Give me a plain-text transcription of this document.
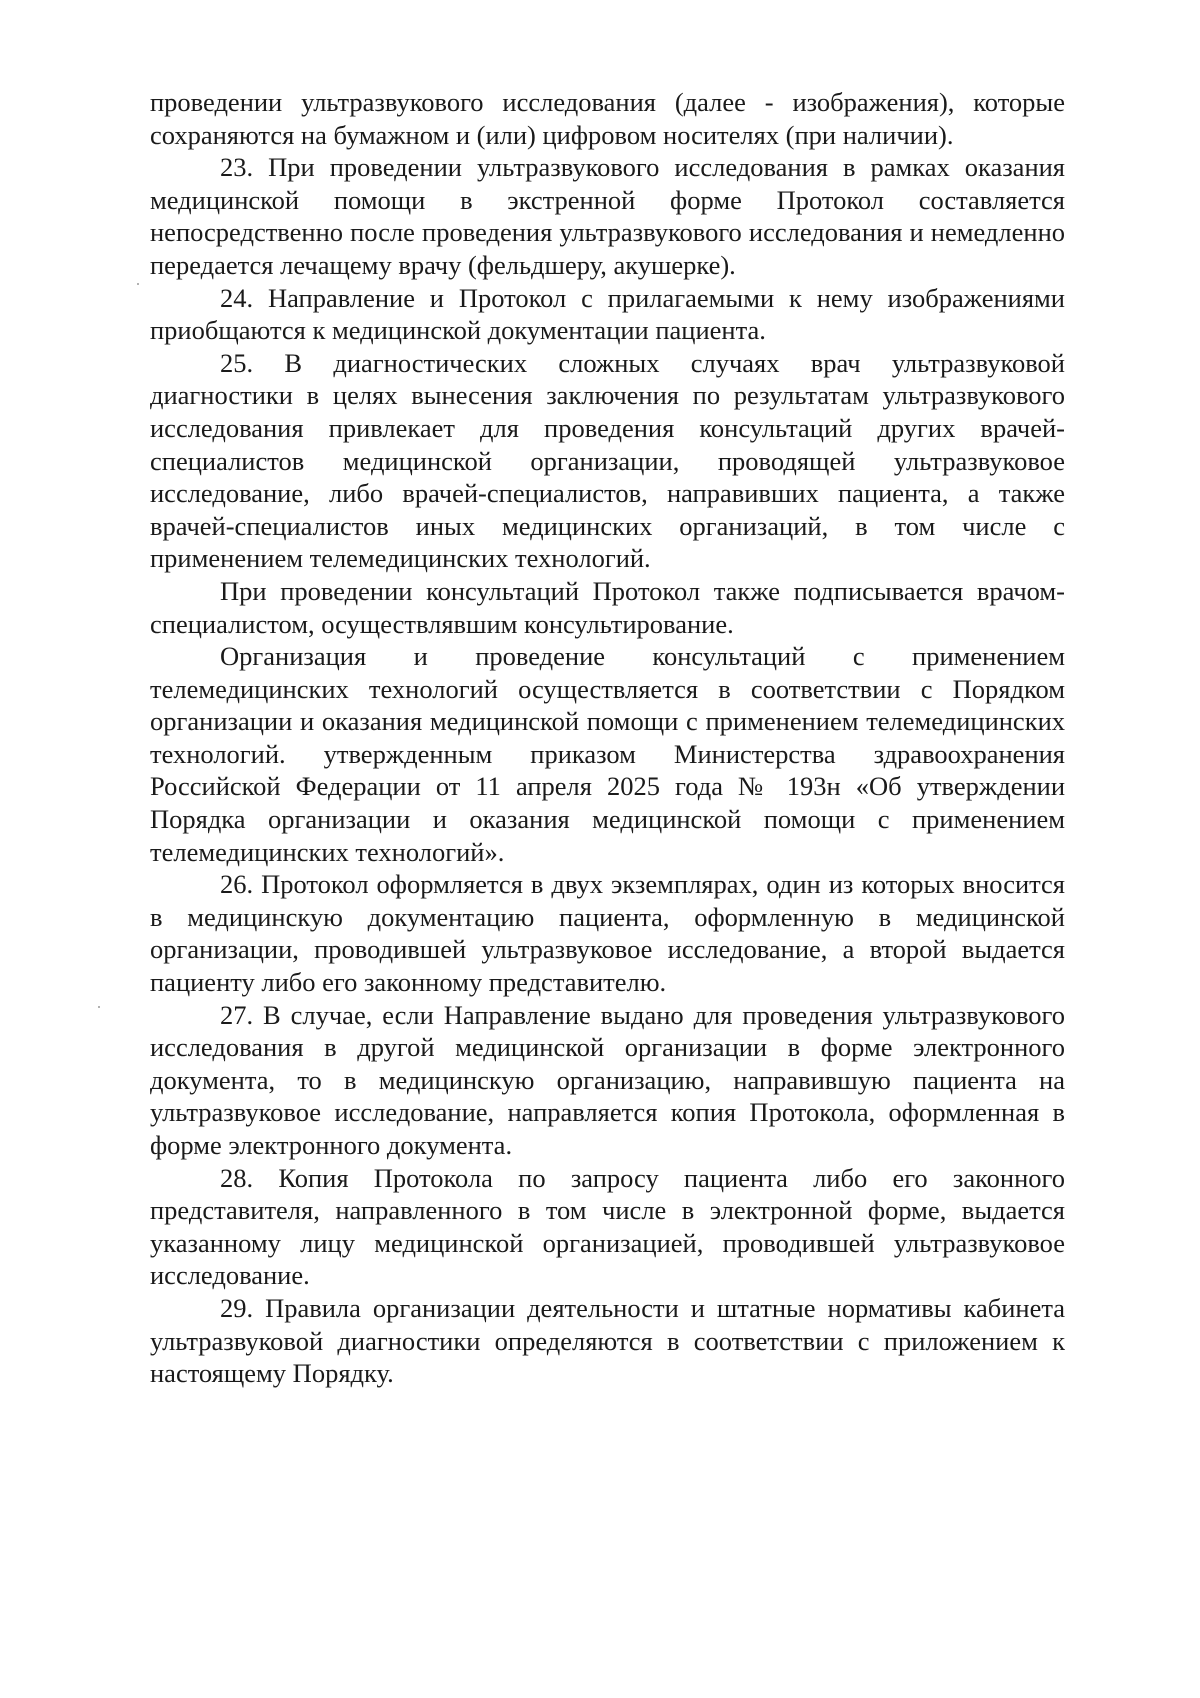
проведении ультразвукового исследования (далее - изображения), которые сохраняются на бумажном и (или) цифровом носителях (при наличии).

23. При проведении ультразвукового исследования в рамках оказания медицинской помощи в экстренной форме Протокол составляется непосредственно после проведения ультразвукового исследования и немедленно передается лечащему врачу (фельдшеру, акушерке).

24. Направление и Протокол с прилагаемыми к нему изображениями приобщаются к медицинской документации пациента.

25. В диагностических сложных случаях врач ультразвуковой диагностики в целях вынесения заключения по результатам ультразвукового исследования привлекает для проведения консультаций других врачей-специалистов медицинской организации, проводящей ультразвуковое исследование, либо врачей-специалистов, направивших пациента, а также врачей-специалистов иных медицинских организаций, в том числе с применением телемедицинских технологий.

При проведении консультаций Протокол также подписывается врачом-специалистом, осуществлявшим консультирование.

Организация и проведение консультаций с применением телемедицинских технологий осуществляется в соответствии с Порядком организации и оказания медицинской помощи с применением телемедицинских технологий. утвержденным приказом Министерства здравоохранения Российской Федерации от 11 апреля 2025 года № 193н «Об утверждении Порядка организации и оказания медицинской помощи с применением телемедицинских технологий».

26. Протокол оформляется в двух экземплярах, один из которых вносится в медицинскую документацию пациента, оформленную в медицинской организации, проводившей ультразвуковое исследование, а второй выдается пациенту либо его законному представителю.

27. В случае, если Направление выдано для проведения ультразвукового исследования в другой медицинской организации в форме электронного документа, то в медицинскую организацию, направившую пациента на ультразвуковое исследование, направляется копия Протокола, оформленная в форме электронного документа.

28. Копия Протокола по запросу пациента либо его законного представителя, направленного в том числе в электронной форме, выдается указанному лицу медицинской организацией, проводившей ультразвуковое исследование.

29. Правила организации деятельности и штатные нормативы кабинета ультразвуковой диагностики определяются в соответствии с приложением к настоящему Порядку.
